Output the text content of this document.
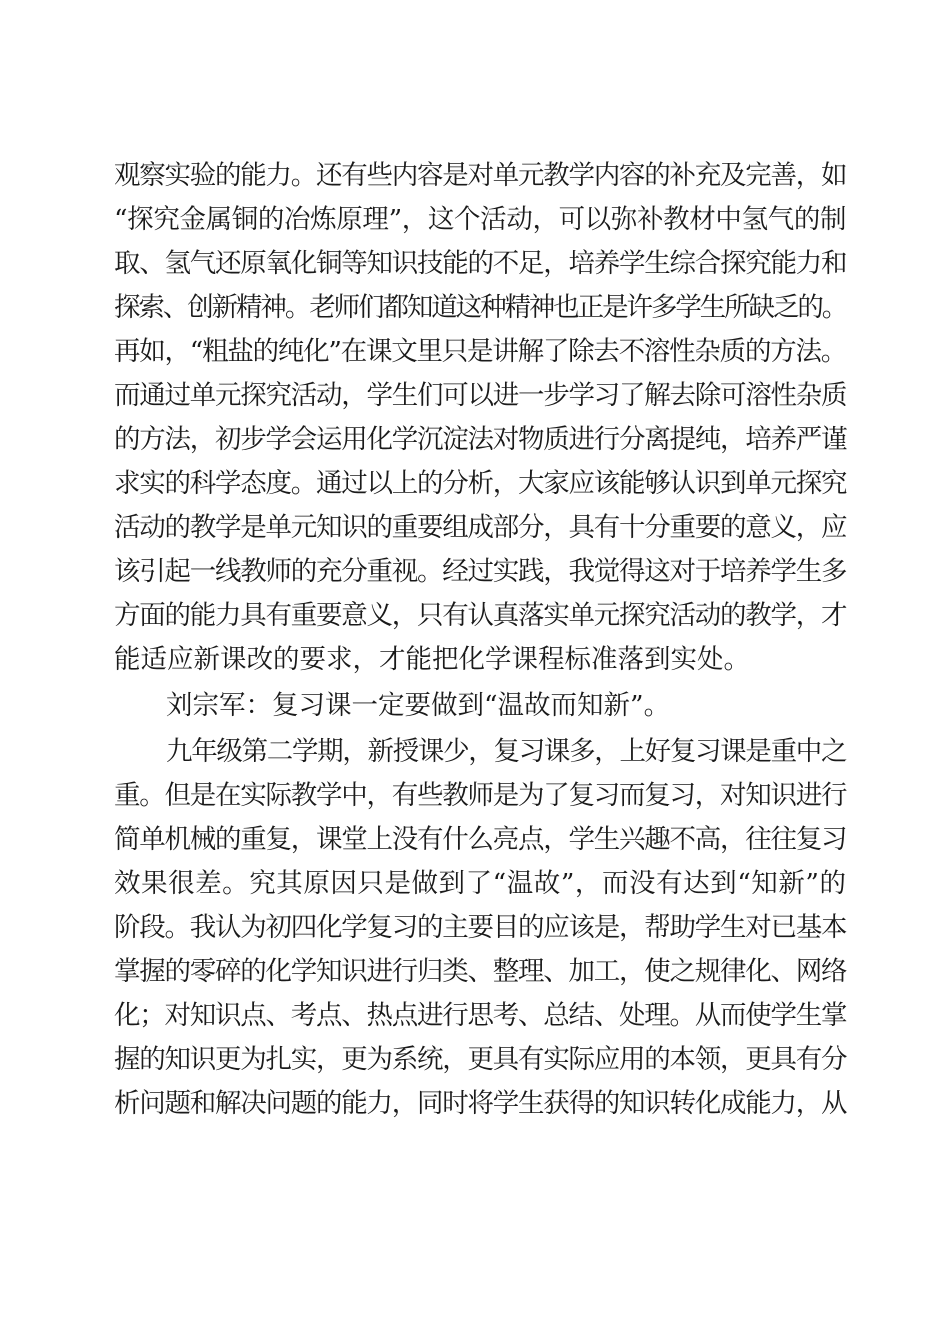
观察实验的能力。还有些内容是对单元教学内容的补充及完善，如
“探究金属铜的冶炼原理”，这个活动，可以弥补教材中氢气的制
取、氢气还原氧化铜等知识技能的不足，培养学生综合探究能力和
探索、创新精神。老师们都知道这种精神也正是许多学生所缺乏的。
再如，“粗盐的纯化”在课文里只是讲解了除去不溶性杂质的方法。
而通过单元探究活动，学生们可以进一步学习了解去除可溶性杂质
的方法，初步学会运用化学沉淀法对物质进行分离提纯，培养严谨
求实的科学态度。通过以上的分析，大家应该能够认识到单元探究
活动的教学是单元知识的重要组成部分，具有十分重要的意义，应
该引起一线教师的充分重视。经过实践，我觉得这对于培养学生多
方面的能力具有重要意义，只有认真落实单元探究活动的教学，才
能适应新课改的要求，才能把化学课程标准落到实处。
刘宗军：复习课一定要做到“温故而知新”。
九年级第二学期，新授课少，复习课多，上好复习课是重中之
重。但是在实际教学中，有些教师是为了复习而复习，对知识进行
简单机械的重复，课堂上没有什么亮点，学生兴趣不高，往往复习
效果很差。究其原因只是做到了“温故”，而没有达到“知新”的
阶段。我认为初四化学复习的主要目的应该是，帮助学生对已基本
掌握的零碎的化学知识进行归类、整理、加工，使之规律化、网络
化；对知识点、考点、热点进行思考、总结、处理。从而使学生掌
握的知识更为扎实，更为系统，更具有实际应用的本领，更具有分
析问题和解决问题的能力，同时将学生获得的知识转化成能力，从
